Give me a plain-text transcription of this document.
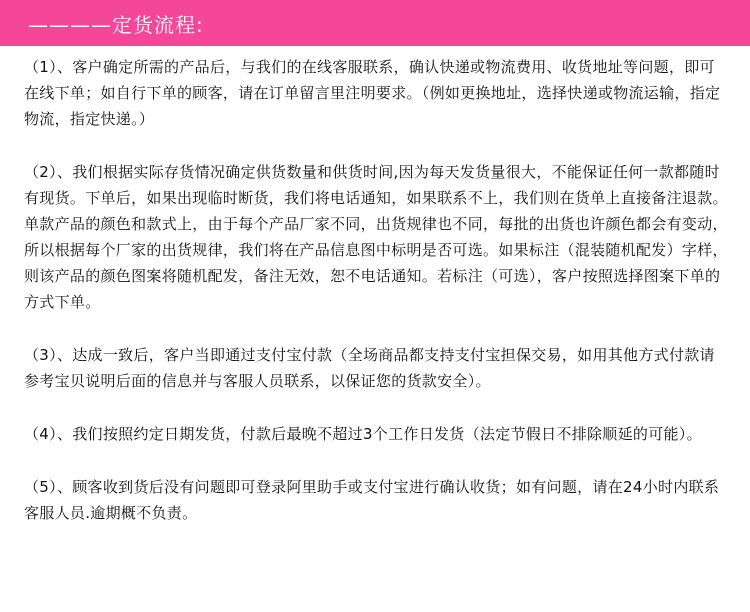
————定货流程:

（1）、客户确定所需的产品后，与我们的在线客服联系，确认快递或物流费用、收货地址等问题，即可在线下单；如自行下单的顾客，请在订单留言里注明要求。（例如更换地址，选择快递或物流运输，指定物流，指定快递。）

（2）、我们根据实际存货情况确定供货数量和供货时间,因为每天发货量很大，不能保证任何一款都随时有现货。下单后，如果出现临时断货，我们将电话通知，如果联系不上，我们则在货单上直接备注退款。单款产品的颜色和款式上，由于每个产品厂家不同，出货规律也不同，每批的出货也许颜色都会有变动，所以根据每个厂家的出货规律，我们将在产品信息图中标明是否可选。如果标注（混装随机配发）字样，则该产品的颜色图案将随机配发，备注无效，恕不电话通知。若标注（可选），客户按照选择图案下单的方式下单。

（3）、达成一致后，客户当即通过支付宝付款（全场商品都支持支付宝担保交易，如用其他方式付款请参考宝贝说明后面的信息并与客服人员联系，以保证您的货款安全）。

（4）、我们按照约定日期发货，付款后最晚不超过3个工作日发货（法定节假日不排除顺延的可能）。

（5）、顾客收到货后没有问题即可登录阿里助手或支付宝进行确认收货；如有问题，请在24小时内联系客服人员.逾期概不负责。
